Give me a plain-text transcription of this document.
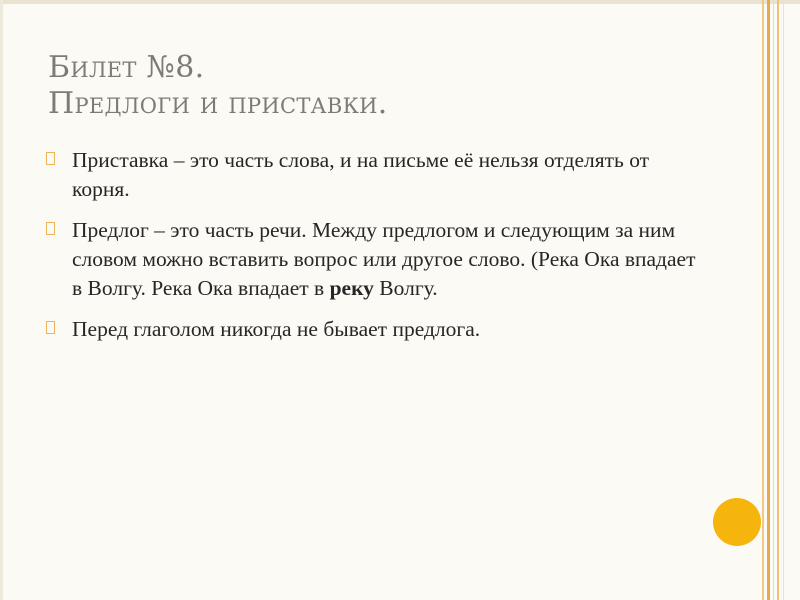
Билет №8.
Предлоги и приставки.
Приставка – это часть слова, и на письме её нельзя отделять от корня.
Предлог – это часть речи. Между предлогом и следующим за ним словом можно вставить вопрос или другое слово. (Река Ока впадает в Волгу. Река Ока впадает в реку Волгу.
Перед глаголом никогда не бывает предлога.
